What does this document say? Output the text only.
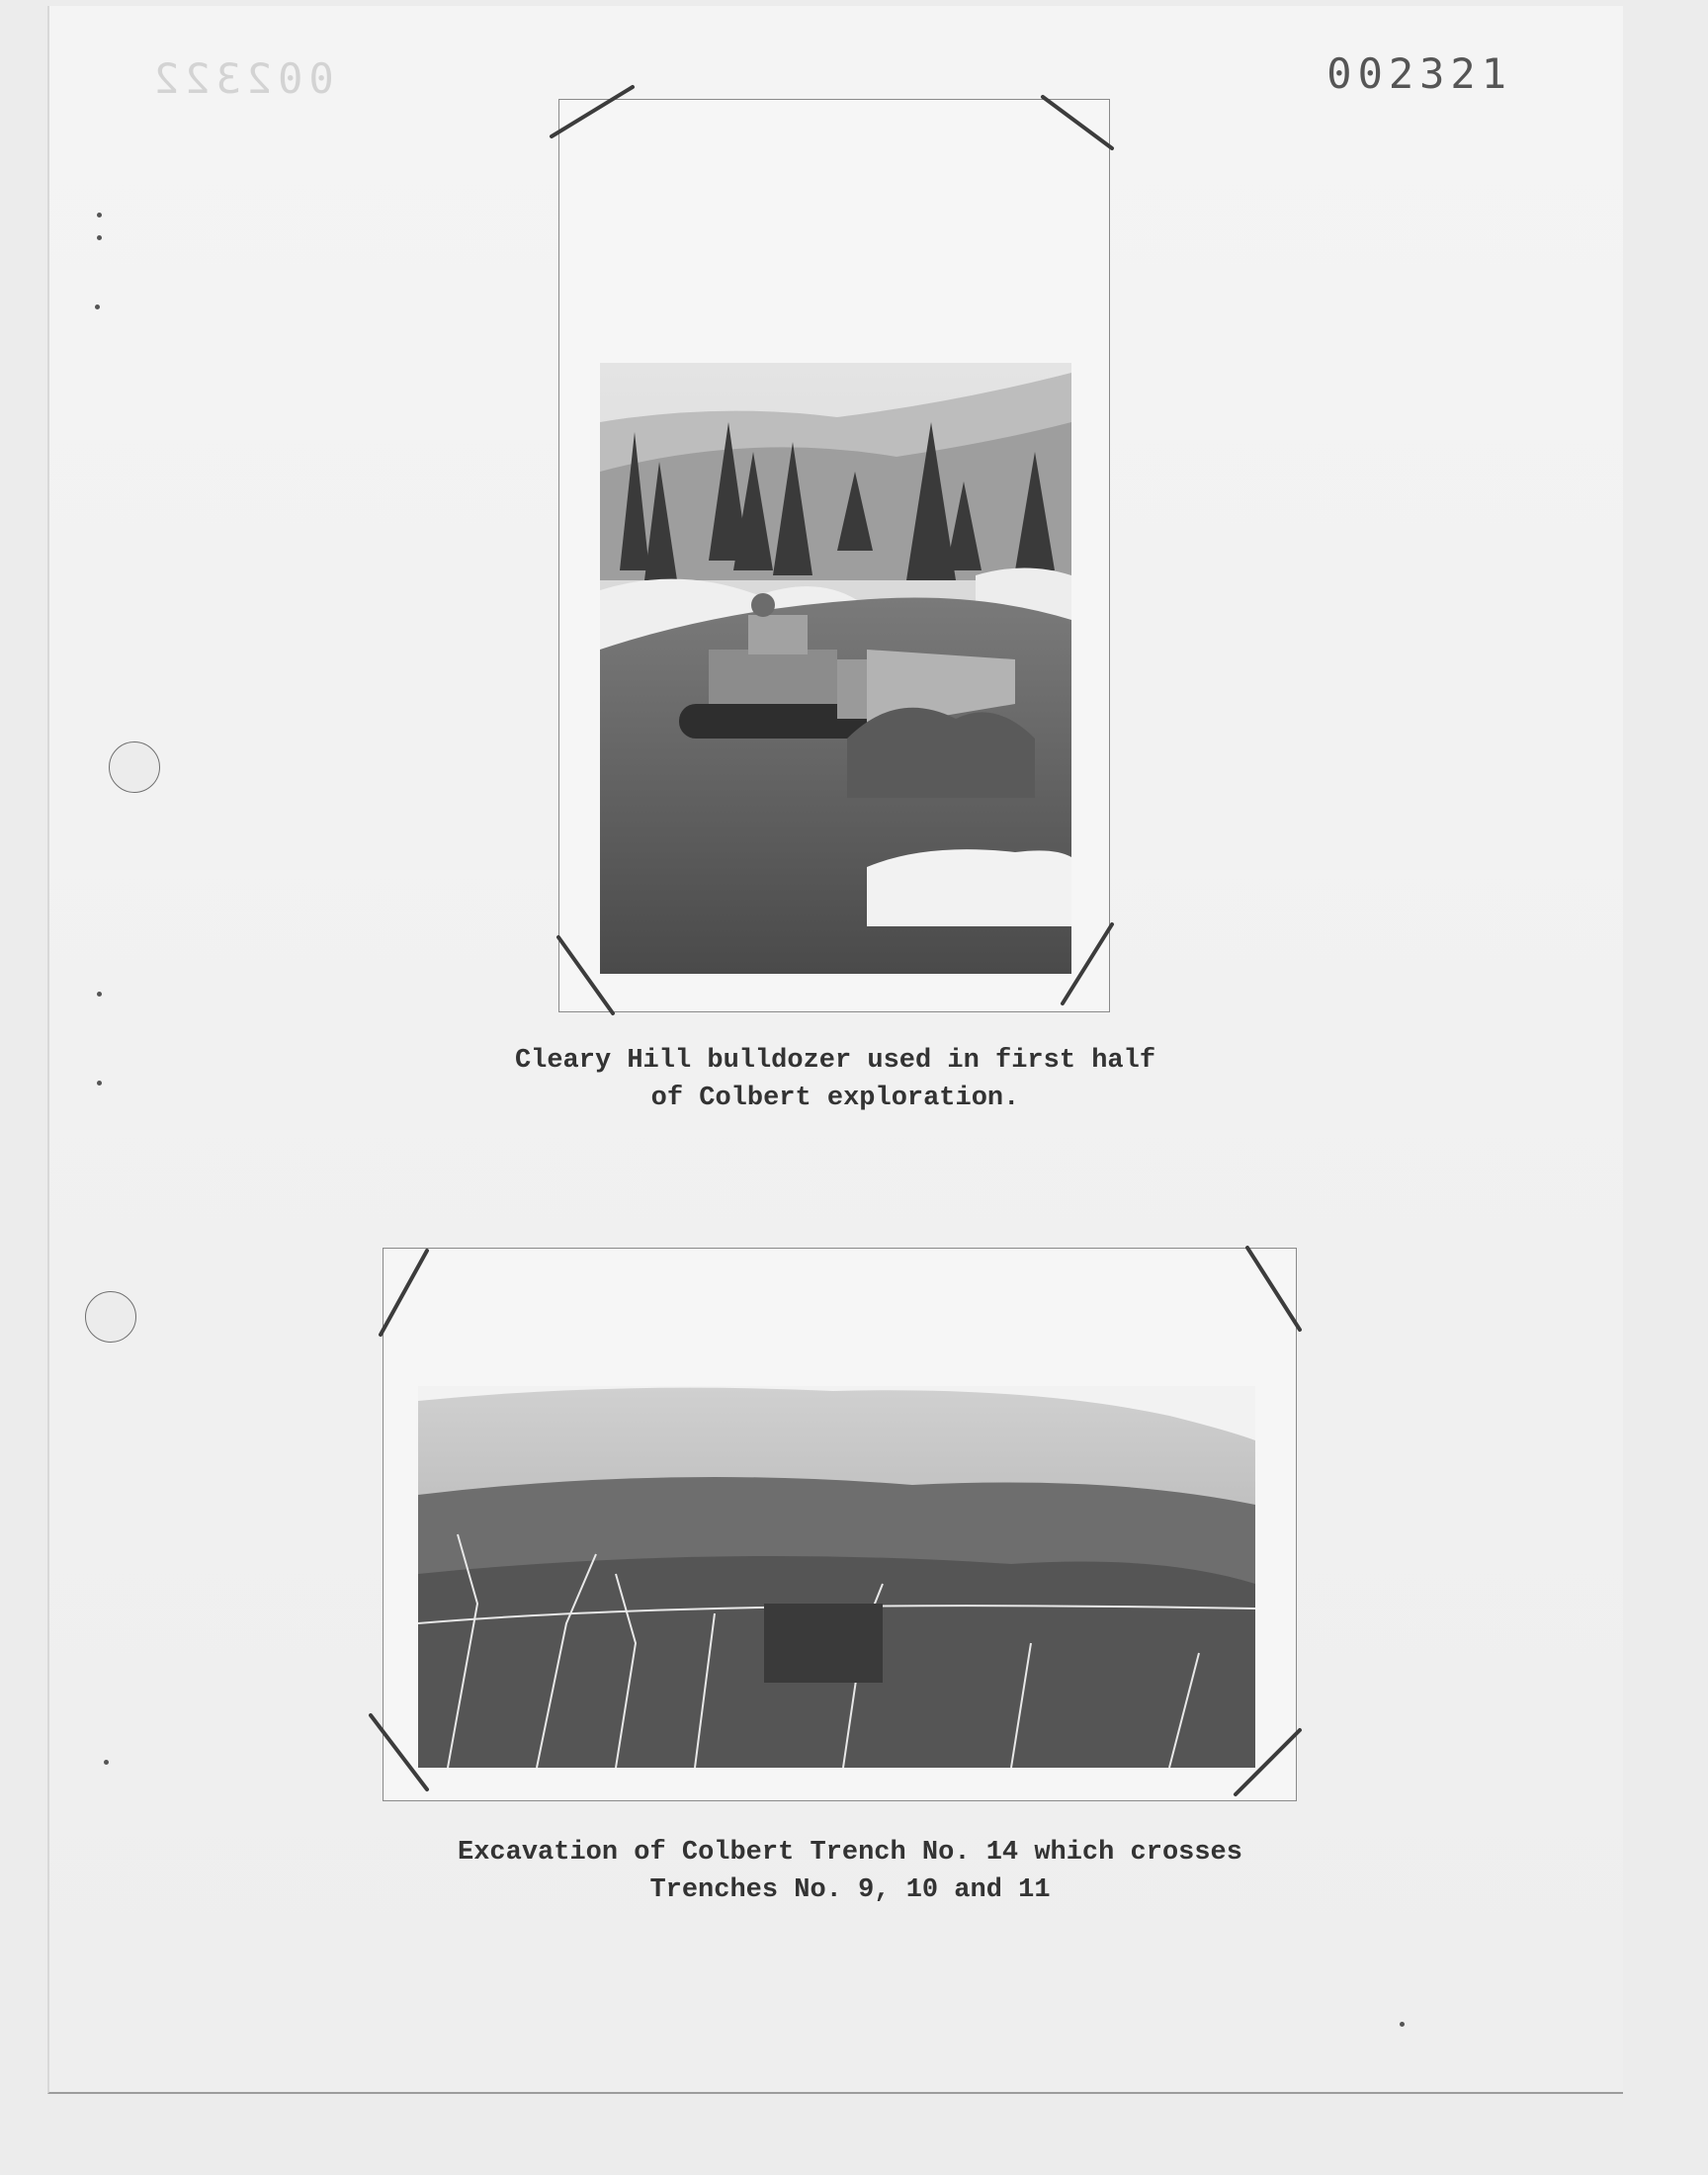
002322	002321
Cleary Hill bulldozer used in first half
of Colbert exploration.
Excavation of Colbert Trench No. 14 which crosses
Trenches No. 9, 10 and 11
